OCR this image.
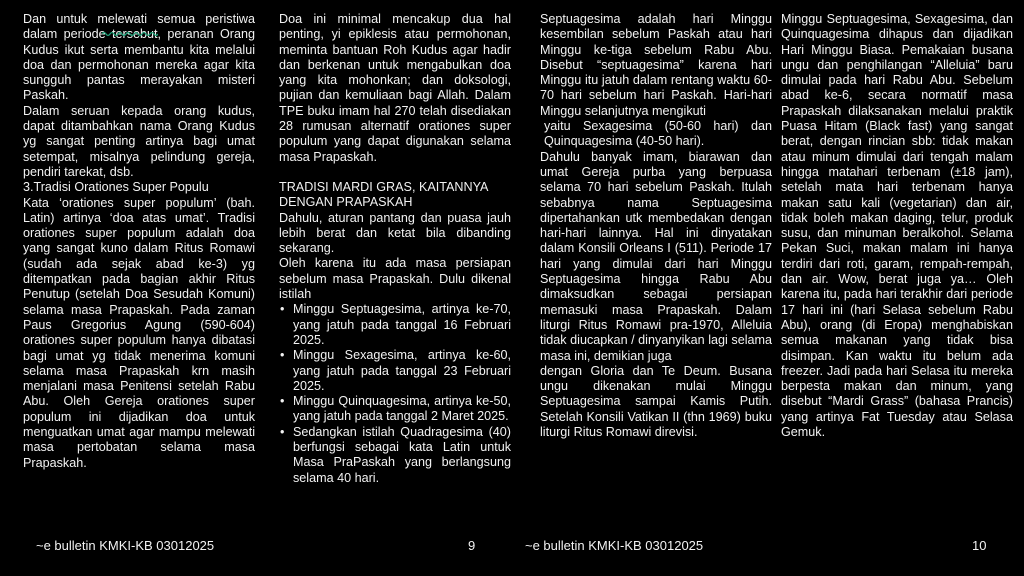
Dan untuk melewati semua peristiwa dalam periode tersebut, peranan Orang Kudus ikut serta membantu kita melalui doa dan permohonan mereka agar kita sungguh pantas merayakan misteri Paskah.

Dalam seruan kepada orang kudus, dapat ditambahkan nama Orang Kudus yg sangat penting artinya bagi umat setempat, misalnya pelindung gereja, pendiri tarekat, dsb.

3.Tradisi Orationes Super Populu

Kata ‘orationes super populum’ (bah. Latin) artinya ‘doa atas umat’. Tradisi orationes super populum adalah doa yang sangat kuno dalam Ritus Romawi (sudah ada sejak abad ke-3) yg ditempatkan pada bagian akhir Ritus Penutup (setelah Doa Sesudah Komuni) selama masa Prapaskah. Pada zaman Paus Gregorius Agung (590-604) orationes super populum hanya dibatasi bagi umat yg tidak menerima komuni selama masa Prapaskah krn masih menjalani masa Penitensi setelah Rabu Abu. Oleh Gereja orationes super populum ini dijadikan doa untuk menguatkan umat agar mampu melewati masa pertobatan selama masa Prapaskah.

Doa ini minimal mencakup dua hal penting, yi epiklesis atau permohonan, meminta bantuan Roh Kudus agar hadir dan berkenan untuk mengabulkan doa yang kita mohonkan; dan doksologi, pujian dan kemuliaan bagi Allah. Dalam TPE buku imam hal 270 telah disediakan 28 rumusan alternatif orationes super populum yang dapat digunakan selama masa Prapaskah.

TRADISI MARDI GRAS, KAITANNYA DENGAN PRAPASKAH

Dahulu, aturan pantang dan puasa jauh lebih berat dan ketat bila dibanding sekarang.

Oleh karena itu ada masa persiapan sebelum masa Prapaskah. Dulu dikenal istilah

• Minggu Septuagesima, artinya ke-70, yang jatuh pada tanggal 16 Februari 2025.
• Minggu Sexagesima, artinya ke-60, yang jatuh pada tanggal 23 Februari 2025.
• Minggu Quinquagesima, artinya ke-50, yang jatuh pada tanggal 2 Maret 2025.
• Sedangkan istilah Quadragesima (40) berfungsi sebagai kata Latin untuk Masa PraPaskah yang berlangsung selama 40 hari.

Septuagesima adalah hari Minggu kesembilan sebelum Paskah atau hari Minggu ke-tiga sebelum Rabu Abu. Disebut “septuagesima” karena hari Minggu itu jatuh dalam rentang waktu 60-70 hari sebelum hari Paskah. Hari-hari Minggu selanjutnya mengikuti

yaitu Sexagesima (50-60 hari) dan Quinquagesima (40-50 hari).

Dahulu banyak imam, biarawan dan umat Gereja purba yang berpuasa selama 70 hari sebelum Paskah. Itulah sebabnya nama Septuagesima dipertahankan utk membedakan dengan hari-hari lainnya. Hal ini dinyatakan dalam Konsili Orleans I (511). Periode 17 hari yang dimulai dari hari Minggu Septuagesima hingga Rabu Abu dimaksudkan sebagai persiapan memasuki masa Prapaskah. Dalam liturgi Ritus Romawi pra-1970, Alleluia tidak diucapkan / dinyanyikan lagi selama masa ini, demikian juga

dengan Gloria dan Te Deum. Busana ungu dikenakan mulai Minggu Septuagesima sampai Kamis Putih. Setelah Konsili Vatikan II (thn 1969) buku liturgi Ritus Romawi direvisi.

Minggu Septuagesima, Sexagesima, dan Quinquagesima dihapus dan dijadikan Hari Minggu Biasa. Pemakaian busana ungu dan penghilangan “Alleluia” baru dimulai pada hari Rabu Abu. Sebelum abad ke-6, secara normatif masa Prapaskah dilaksanakan melalui praktik Puasa Hitam (Black fast) yang sangat berat, dengan rincian sbb: tidak makan atau minum dimulai dari tengah malam hingga matahari terbenam (±18 jam), setelah mata hari terbenam hanya makan satu kali (vegetarian) dan air, tidak boleh makan daging, telur, produk susu, dan minuman beralkohol. Selama Pekan Suci, makan malam ini hanya terdiri dari roti, garam, rempah-rempah, dan air. Wow, berat juga ya… Oleh karena itu, pada hari terakhir dari periode 17 hari ini (hari Selasa sebelum Rabu Abu), orang (di Eropa) menghabiskan semua makanan yang tidak bisa disimpan. Kan waktu itu belum ada freezer. Jadi pada hari Selasa itu mereka berpesta makan dan minum, yang disebut “Mardi Grass” (bahasa Prancis) yang artinya Fat Tuesday atau Selasa Gemuk.

~e bulletin KMKI-KB 03012025	9	~e bulletin KMKI-KB 03012025	10
